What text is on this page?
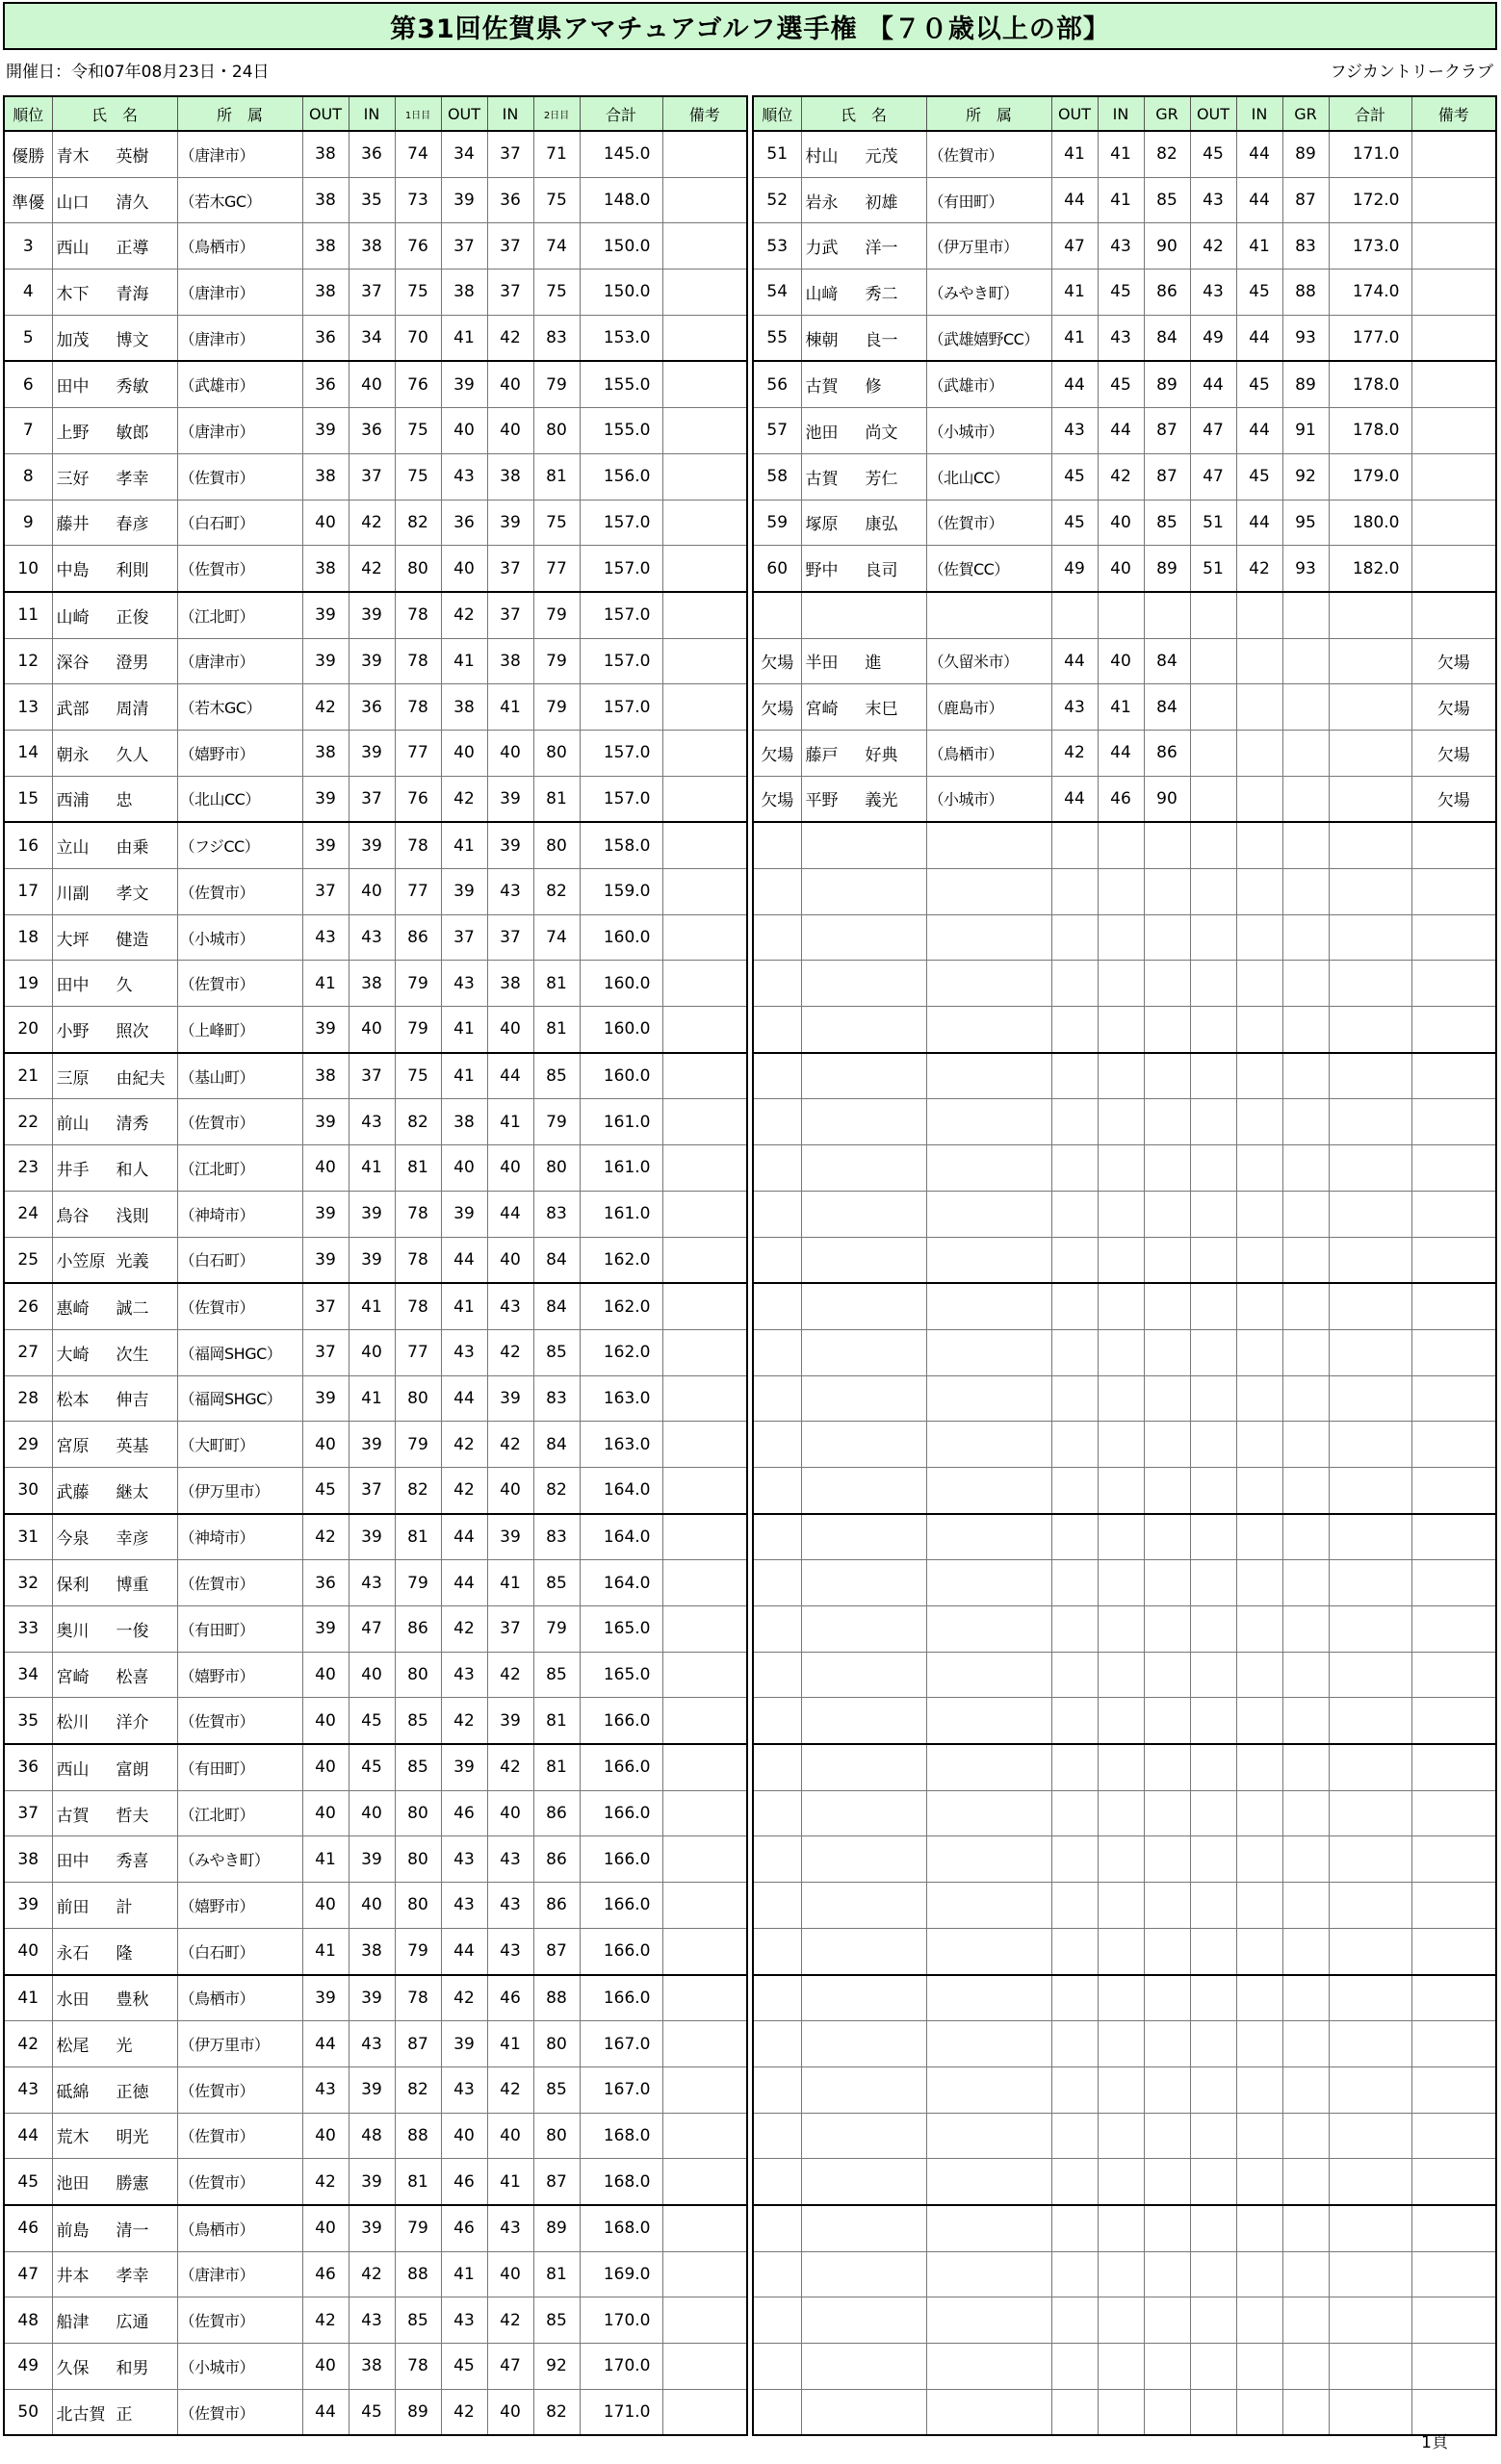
第31回佐賀県アマチュアゴルフ選手権 【７０歳以上の部】
開催日：令和07年08月23日・24日	フジカントリークラブ
順位	氏　名	所　属	OUT	IN	1日目	OUT	IN	2日目	合計	備考
優勝	青木 英樹	（唐津市）	38	36	74	34	37	71	145.0	
準優	山口 清久	（若木GC）	38	35	73	39	36	75	148.0	
3	西山 正導	（鳥栖市）	38	38	76	37	37	74	150.0	
4	木下 青海	（唐津市）	38	37	75	38	37	75	150.0	
5	加茂 博文	（唐津市）	36	34	70	41	42	83	153.0	
6	田中 秀敏	（武雄市）	36	40	76	39	40	79	155.0	
7	上野 敏郎	（唐津市）	39	36	75	40	40	80	155.0	
8	三好 孝幸	（佐賀市）	38	37	75	43	38	81	156.0	
9	藤井 春彦	（白石町）	40	42	82	36	39	75	157.0	
10	中島 利則	（佐賀市）	38	42	80	40	37	77	157.0	
11	山崎 正俊	（江北町）	39	39	78	42	37	79	157.0	
12	深谷 澄男	（唐津市）	39	39	78	41	38	79	157.0	
13	武部 周清	（若木GC）	42	36	78	38	41	79	157.0	
14	朝永 久人	（嬉野市）	38	39	77	40	40	80	157.0	
15	西浦 忠	（北山CC）	39	37	76	42	39	81	157.0	
16	立山 由乗	（フジCC）	39	39	78	41	39	80	158.0	
17	川副 孝文	（佐賀市）	37	40	77	39	43	82	159.0	
18	大坪 健造	（小城市）	43	43	86	37	37	74	160.0	
19	田中 久	（佐賀市）	41	38	79	43	38	81	160.0	
20	小野 照次	（上峰町）	39	40	79	41	40	81	160.0	
21	三原 由紀夫	（基山町）	38	37	75	41	44	85	160.0	
22	前山 清秀	（佐賀市）	39	43	82	38	41	79	161.0	
23	井手 和人	（江北町）	40	41	81	40	40	80	161.0	
24	鳥谷 浅則	（神埼市）	39	39	78	39	44	83	161.0	
25	小笠原 光義	（白石町）	39	39	78	44	40	84	162.0	
26	惠崎 誠二	（佐賀市）	37	41	78	41	43	84	162.0	
27	大崎 次生	（福岡SHGC）	37	40	77	43	42	85	162.0	
28	松本 伸吉	（福岡SHGC）	39	41	80	44	39	83	163.0	
29	宮原 英基	（大町町）	40	39	79	42	42	84	163.0	
30	武藤 継太	（伊万里市）	45	37	82	42	40	82	164.0	
31	今泉 幸彦	（神埼市）	42	39	81	44	39	83	164.0	
32	保利 博重	（佐賀市）	36	43	79	44	41	85	164.0	
33	奥川 一俊	（有田町）	39	47	86	42	37	79	165.0	
34	宮崎 松喜	（嬉野市）	40	40	80	43	42	85	165.0	
35	松川 洋介	（佐賀市）	40	45	85	42	39	81	166.0	
36	西山 富朗	（有田町）	40	45	85	39	42	81	166.0	
37	古賀 哲夫	（江北町）	40	40	80	46	40	86	166.0	
38	田中 秀喜	（みやき町）	41	39	80	43	43	86	166.0	
39	前田 計	（嬉野市）	40	40	80	43	43	86	166.0	
40	永石 隆	（白石町）	41	38	79	44	43	87	166.0	
41	水田 豊秋	（鳥栖市）	39	39	78	42	46	88	166.0	
42	松尾 光	（伊万里市）	44	43	87	39	41	80	167.0	
43	砥綿 正徳	（佐賀市）	43	39	82	43	42	85	167.0	
44	荒木 明光	（佐賀市）	40	48	88	40	40	80	168.0	
45	池田 勝憲	（佐賀市）	42	39	81	46	41	87	168.0	
46	前島 清一	（鳥栖市）	40	39	79	46	43	89	168.0	
47	井本 孝幸	（唐津市）	46	42	88	41	40	81	169.0	
48	船津 広通	（佐賀市）	42	43	85	43	42	85	170.0	
49	久保 和男	（小城市）	40	38	78	45	47	92	170.0	
50	北古賀 正	（佐賀市）	44	45	89	42	40	82	171.0	
順位	氏　名	所　属	OUT	IN	GR	OUT	IN	GR	合計	備考
51	村山 元茂	（佐賀市）	41	41	82	45	44	89	171.0	
52	岩永 初雄	（有田町）	44	41	85	43	44	87	172.0	
53	力武 洋一	（伊万里市）	47	43	90	42	41	83	173.0	
54	山﨑 秀二	（みやき町）	41	45	86	43	45	88	174.0	
55	棟朝 良一	（武雄嬉野CC）	41	43	84	49	44	93	177.0	
56	古賀 修	（武雄市）	44	45	89	44	45	89	178.0	
57	池田 尚文	（小城市）	43	44	87	47	44	91	178.0	
58	古賀 芳仁	（北山CC）	45	42	87	47	45	92	179.0	
59	塚原 康弘	（佐賀市）	45	40	85	51	44	95	180.0	
60	野中 良司	（佐賀CC）	49	40	89	51	42	93	182.0	

欠場	半田 進	（久留米市）	44	40	84					欠場
欠場	宮崎 末巳	（鹿島市）	43	41	84					欠場
欠場	藤戸 好典	（鳥栖市）	42	44	86					欠場
欠場	平野 義光	（小城市）	44	46	90					欠場

1頁
